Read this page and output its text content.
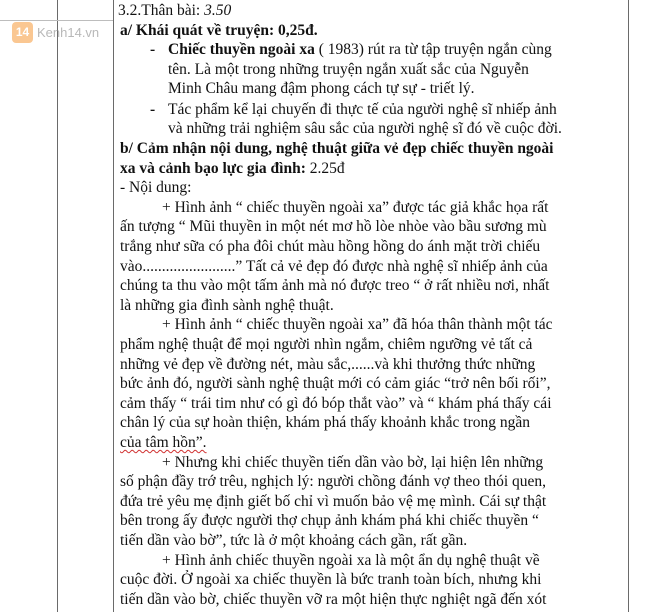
14 Kenh14.vn
3.2.Thân bài: 3.50
a/ Khái quát về truyện: 0,25đ.
- Chiếc thuyền ngoài xa ( 1983) rút ra từ tập truyện ngắn cùng
tên. Là một trong những truyện ngắn xuất sắc của Nguyễn
Minh Châu mang đậm phong cách tự sự - triết lý.
- Tác phẩm kể lại chuyến đi thực tế của người nghệ sĩ nhiếp ảnh
và những trải nghiệm sâu sắc của người nghệ sĩ đó về cuộc đời.
b/ Cảm nhận nội dung, nghệ thuật giữa vẻ đẹp chiếc thuyền ngoài
xa và cảnh bạo lực gia đình: 2.25đ
- Nội dung:
+ Hình ảnh “ chiếc thuyền ngoài xa” được tác giả khắc họa rất
ấn tượng “ Mũi thuyền in một nét mơ hồ lòe nhòe vào bầu sương mù
trắng như sữa có pha đôi chút màu hồng hồng do ánh mặt trời chiếu
vào........................” Tất cả vẻ đẹp đó được nhà nghệ sĩ nhiếp ảnh của
chúng ta thu vào một tấm ảnh mà nó được treo “ ở rất nhiều nơi, nhất
là những gia đình sành nghệ thuật.
+ Hình ảnh “ chiếc thuyền ngoài xa” đã hóa thân thành một tác
phẩm nghệ thuật để mọi người nhìn ngắm, chiêm ngưỡng vẻ tất cả
những vẻ đẹp về đường nét, màu sắc,......và khi thưởng thức những
bức ảnh đó, người sành nghệ thuật mới có cảm giác “trở nên bối rối”,
cảm thấy “ trái tim như có gì đó bóp thắt vào” và “ khám phá thấy cái
chân lý của sự hoàn thiện, khám phá thấy khoảnh khắc trong ngần
của tâm hồn”.
+ Nhưng khi chiếc thuyền tiến dần vào bờ, lại hiện lên những
số phận đầy trớ trêu, nghịch lý: người chồng đánh vợ theo thói quen,
đứa trẻ yêu mẹ định giết bố chỉ vì muốn bảo vệ mẹ mình. Cái sự thật
bên trong ấy được người thợ chụp ảnh khám phá khi chiếc thuyền “
tiến dần vào bờ”, tức là ở một khoảng cách gần, rất gần.
+ Hình ảnh chiếc thuyền ngoài xa là một ẩn dụ nghệ thuật về
cuộc đời. Ở ngoài xa chiếc thuyền là bức tranh toàn bích, nhưng khi
tiến dần vào bờ, chiếc thuyền vỡ ra một hiện thực nghiệt ngã đến xót
